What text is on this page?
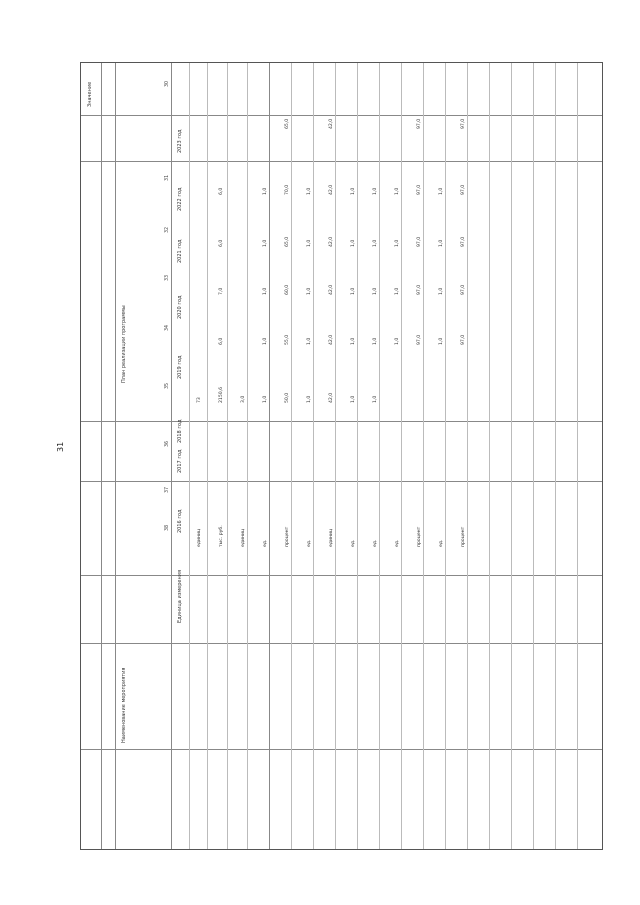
31
Значение
План реализации программы
2023 год
2022 год
2021 год
2020 год
2019 год
2018 год
2017 год
2016 год
Единица измерения
Наименование мероприятия
30
31
32
33
34
35
36
37
38
73
единиц
6,0
6,0
7,0
6,0
2150,6
тыс. руб.
3,0
единиц
1,0
1,0
1,0
1,0
1,0
ед.
65,0
70,0
65,0
60,0
55,0
50,0
процент
1,0
1,0
1,0
1,0
1,0
ед.
42,0
42,0
42,0
42,0
42,0
42,0
единиц
1,0
1,0
1,0
1,0
1,0
ед.
1,0
1,0
1,0
1,0
1,0
ед.
1,0
1,0
1,0
1,0
ед.
97,0
97,0
97,0
97,0
97,0
процент
1,0
1,0
1,0
1,0
ед.
97,0
97,0
97,0
97,0
97,0
процент
